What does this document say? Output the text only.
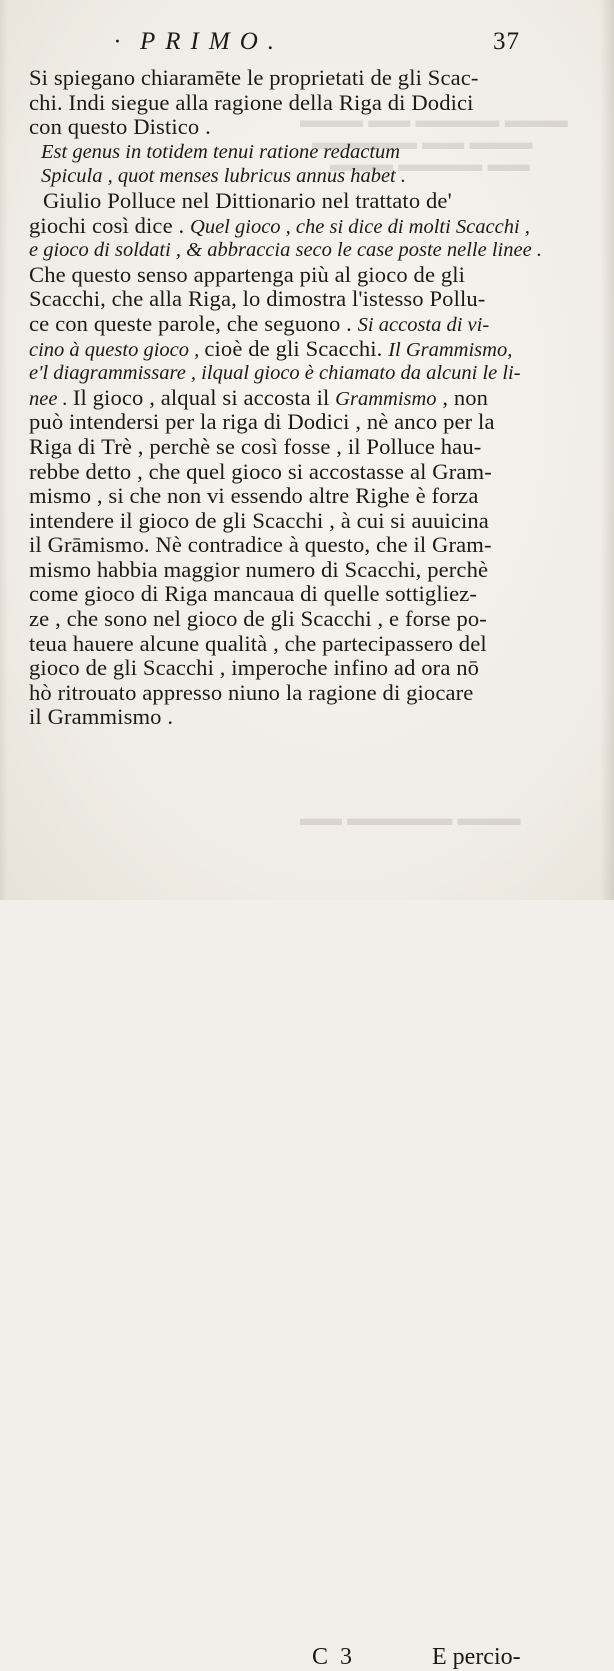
▬▬▬ ▬▬ ▬▬▬▬ ▬▬▬
▬▬▬▬▬ ▬▬ ▬▬▬
▬▬▬ ▬▬▬▬ ▬▬
▬▬ ▬▬▬▬▬ ▬▬▬
· PRIMO.	37
Si spiegano chiaramēte le proprietati de gli Scac-
chi. Indi siegue alla ragione della Riga di Dodici
con questo Distico .
Est genus in totidem tenui ratione redactum
Spicula , quot menses lubricus annus habet .
Giulio Polluce nel Dittionario nel trattato de'
giochi così dice . Quel gioco , che si dice di molti Scacchi ,
e gioco di soldati , & abbraccia seco le case poste nelle linee .
Che questo senso appartenga più al gioco de gli
Scacchi, che alla Riga, lo dimostra l'istesso Pollu-
ce con queste parole, che seguono . Si accosta di vi-
cino à questo gioco , cioè de gli Scacchi. Il Grammismo,
e'l diagrammissare , ilqual gioco è chiamato da alcuni le li-
nee . Il gioco , alqual si accosta il Grammismo , non
può intendersi per la riga di Dodici , nè anco per la
Riga di Trè , perchè se così fosse , il Polluce hau-
rebbe detto , che quel gioco si accostasse al Gram-
mismo , si che non vi essendo altre Righe è forza
intendere il gioco de gli Scacchi , à cui si auuicina
il Grāmismo. Nè contradice à questo, che il Gram-
mismo habbia maggior numero di Scacchi, perchè
come gioco di Riga mancaua di quelle sottigliez-
ze , che sono nel gioco de gli Scacchi , e forse po-
teua hauere alcune qualità , che partecipassero del
gioco de gli Scacchi , imperoche infino ad ora nō
hò ritrouato appresso niuno la ragione di giocare
il Grammismo .
C 3	E percio-
